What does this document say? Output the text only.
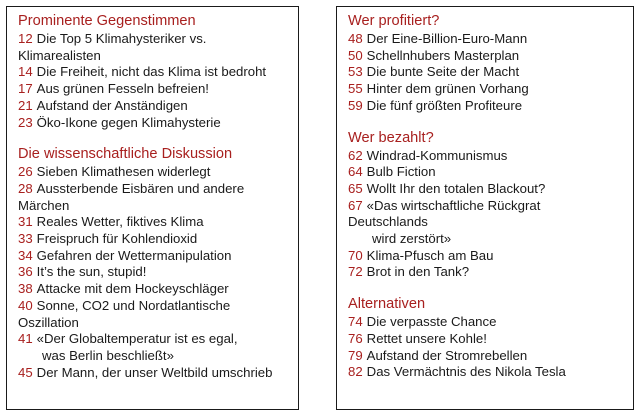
Prominente Gegenstimmen
12 Die Top 5 Klimahysteriker vs.
Klimarealisten
14 Die Freiheit, nicht das Klima ist bedroht
17 Aus grünen Fesseln befreien!
21 Aufstand der Anständigen
23 Öko-Ikone gegen Klimahysterie
Die wissenschaftliche Diskussion
26 Sieben Klimathesen widerlegt
28 Aussterbende Eisbären und andere
Märchen
31 Reales Wetter, fiktives Klima
33 Freispruch für Kohlendioxid
34 Gefahren der Wettermanipulation
36 It’s the sun, stupid!
38 Attacke mit dem Hockeyschläger
40 Sonne, CO2 und Nordatlantische
Oszillation
41 «Der Globaltemperatur ist es egal,
was Berlin beschließt»
45 Der Mann, der unser Weltbild umschrieb
Wer profitiert?
48 Der Eine-Billion-Euro-Mann
50 Schellnhubers Masterplan
53 Die bunte Seite der Macht
55 Hinter dem grünen Vorhang
59 Die fünf größten Profiteure
Wer bezahlt?
62 Windrad-Kommunismus
64 Bulb Fiction
65 Wollt Ihr den totalen Blackout?
67 «Das wirtschaftliche Rückgrat
Deutschlands
wird zerstört»
70 Klima-Pfusch am Bau
72 Brot in den Tank?
Alternativen
74 Die verpasste Chance
76 Rettet unsere Kohle!
79 Aufstand der Stromrebellen
82 Das Vermächtnis des Nikola Tesla
